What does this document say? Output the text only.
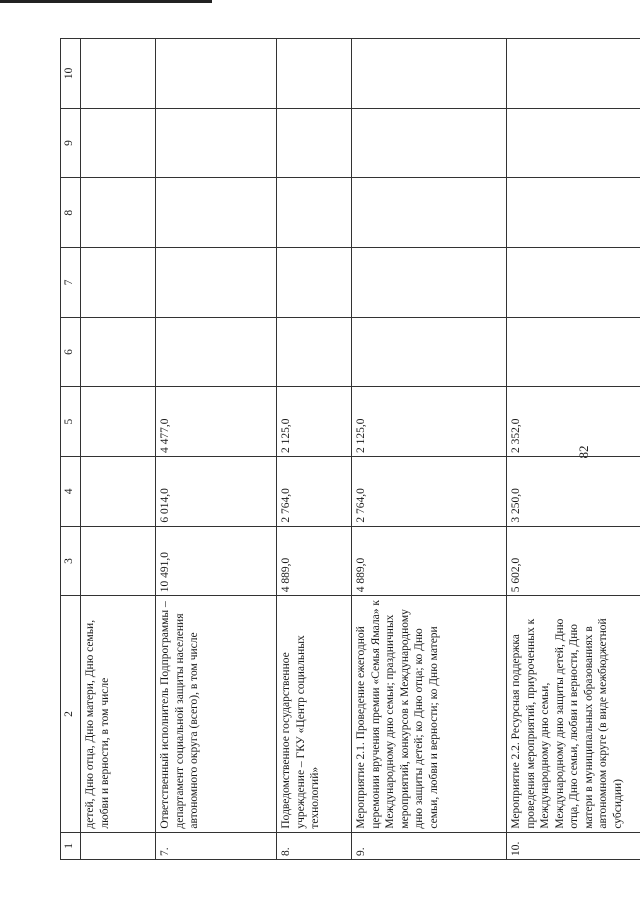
82
1	2	3	4	5	6	7	8	9	10
	детей, Дню отца, Дню матери, Дню семьи, любви и верности, в том числе								
7.	Ответственный исполнитель Подпрограммы – департамент социальной защиты населения автономного округа (всего), в том числе	10 491,0	6 014,0	4 477,0					
8.	Подведомственное государственное учреждение – ГКУ «Центр социальных технологий»	4 889,0	2 764,0	2 125,0					
9.	Мероприятие 2.1. Проведение ежегодной церемонии вручения премии «Семья Ямала» к Международному дню семьи; праздничных мероприятий, конкурсов к Международному дню защиты детей; ко Дню отца; ко Дню семьи, любви и верности; ко Дню матери	4 889,0	2 764,0	2 125,0					
10.	Мероприятие 2.2. Ресурсная поддержка проведения мероприятий, приуроченных к Международному дню семьи, Международному дню защиты детей, Дню отца, Дню семьи, любви и верности, Дню матери в муниципальных образованиях в автономном округе (в виде межбюджетной субсидии)	5 602,0	3 250,0	2 352,0					
